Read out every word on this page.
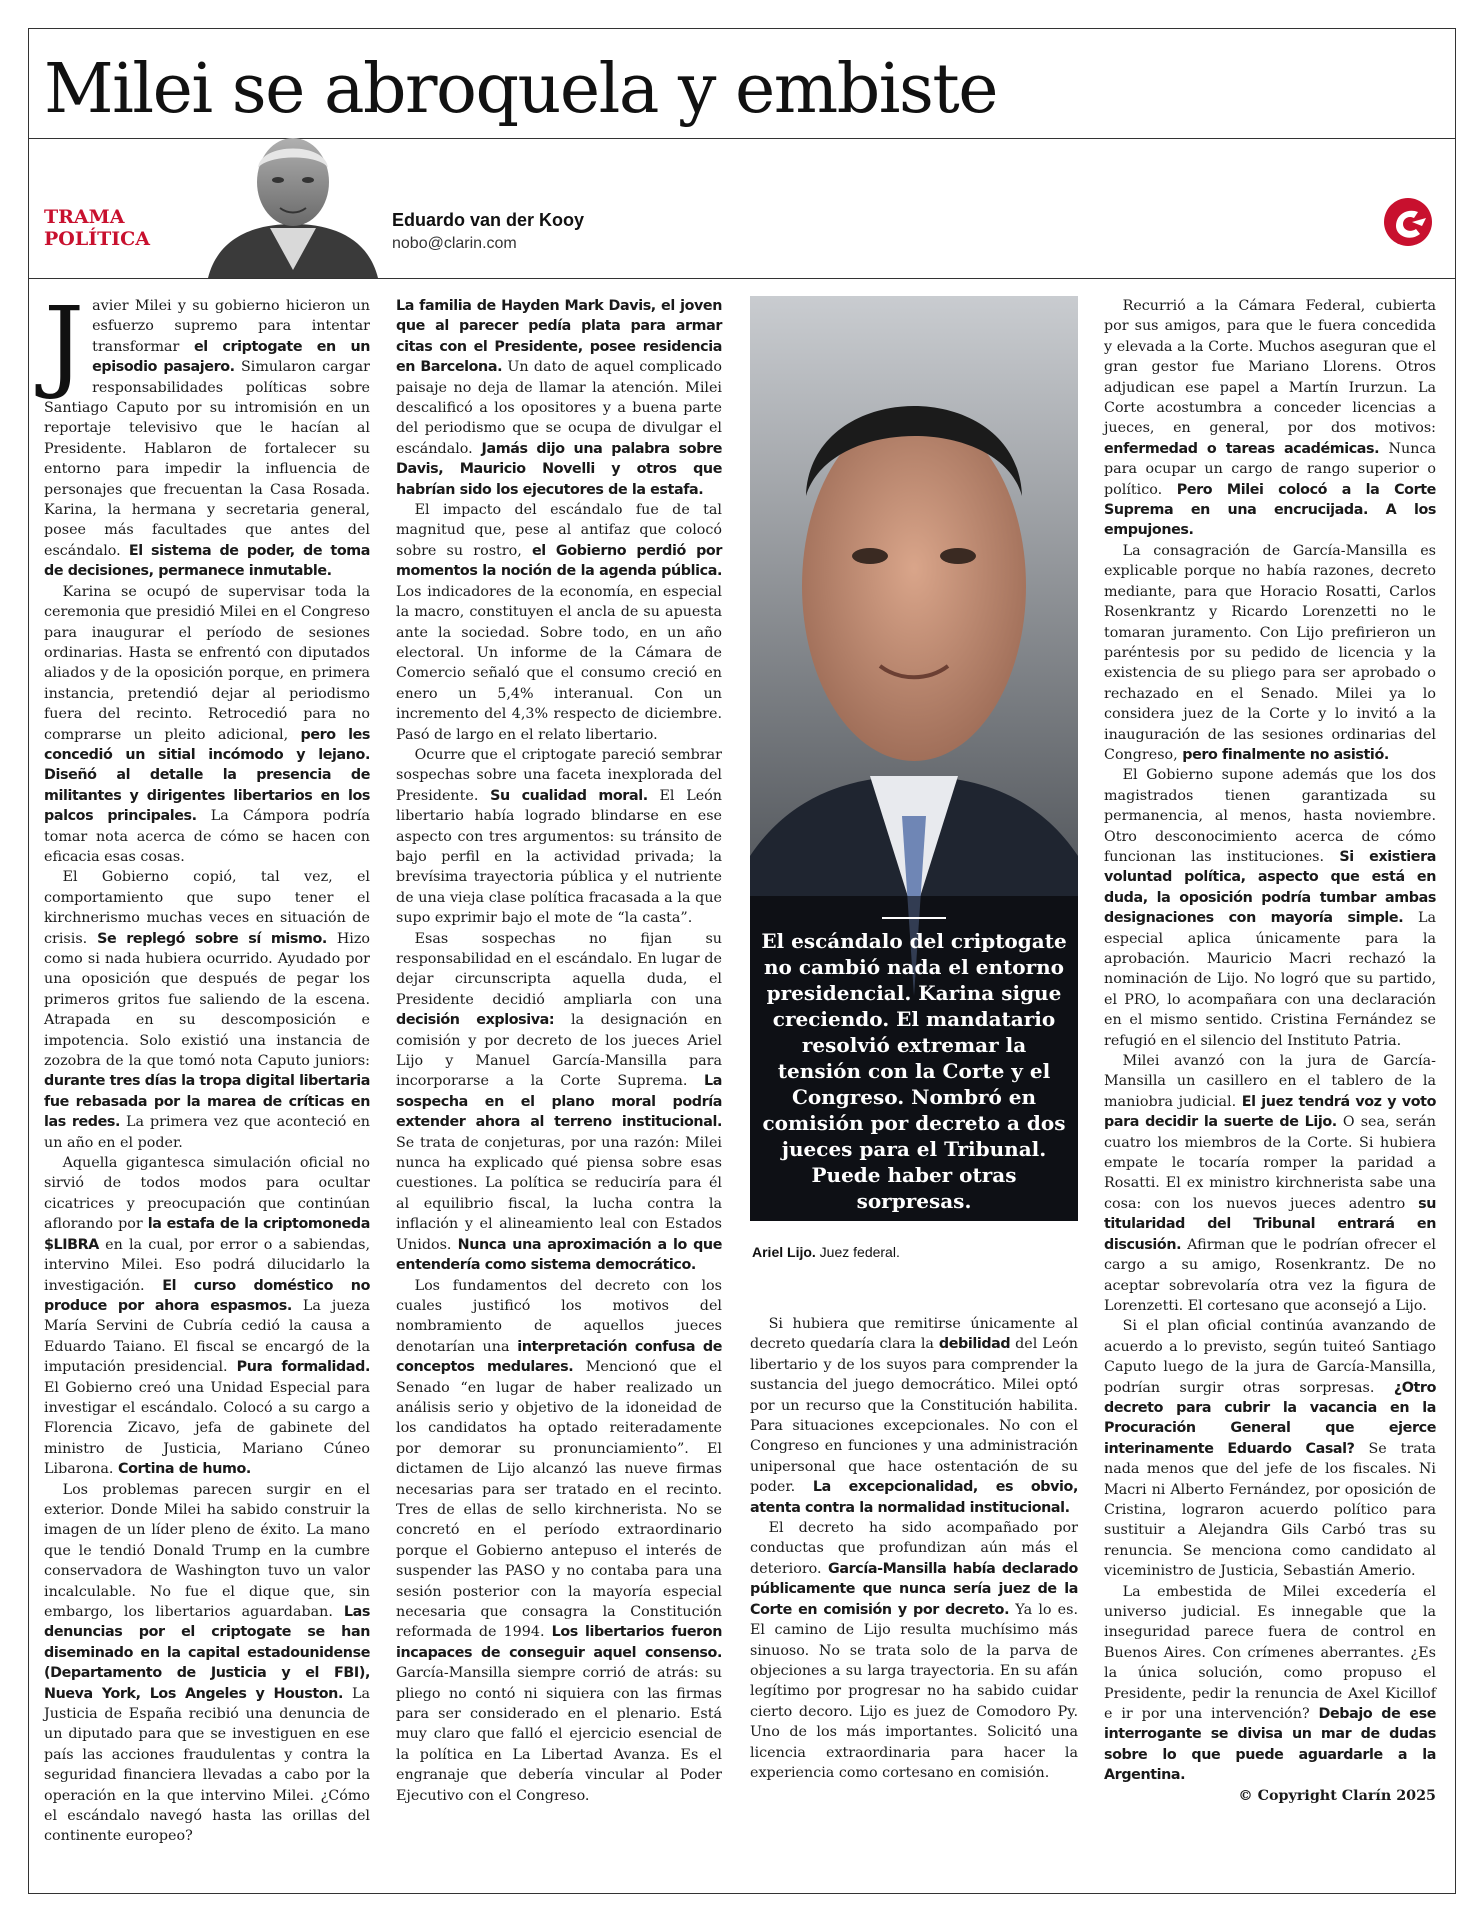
Milei se abroquela y embiste
TRAMA
POLÍTICA
Eduardo van der Kooy
nobo@clarin.com

Javier Milei y su gobierno hicieron un esfuerzo supremo para intentar transformar el criptogate en un episodio pasajero. Simularon cargar responsabilidades políticas sobre Santiago Caputo por su intromisión en un reportaje televisivo que le hacían al Presidente. Hablaron de fortalecer su entorno para impedir la influencia de personajes que frecuentan la Casa Rosada. Karina, la hermana y secretaria general, posee más facultades que antes del escándalo. El sistema de poder, de toma de decisiones, permanece inmutable.

Karina se ocupó de supervisar toda la ceremonia que presidió Milei en el Congreso para inaugurar el período de sesiones ordinarias. Hasta se enfrentó con diputados aliados y de la oposición porque, en primera instancia, pretendió dejar al periodismo fuera del recinto. Retrocedió para no comprarse un pleito adicional, pero les concedió un sitial incómodo y lejano. Diseñó al detalle la presencia de militantes y dirigentes libertarios en los palcos principales. La Cámpora podría tomar nota acerca de cómo se hacen con eficacia esas cosas.

El Gobierno copió, tal vez, el comportamiento que supo tener el kirchnerismo muchas veces en situación de crisis. Se replegó sobre sí mismo. Hizo como si nada hubiera ocurrido. Ayudado por una oposición que después de pegar los primeros gritos fue saliendo de la escena. Atrapada en su descomposición e impotencia. Solo existió una instancia de zozobra de la que tomó nota Caputo juniors: durante tres días la tropa digital libertaria fue rebasada por la marea de críticas en las redes. La primera vez que aconteció en un año en el poder.

Aquella gigantesca simulación oficial no sirvió de todos modos para ocultar cicatrices y preocupación que continúan aflorando por la estafa de la criptomoneda $LIBRA en la cual, por error o a sabiendas, intervino Milei. Eso podrá dilucidarlo la investigación. El curso doméstico no produce por ahora espasmos. La jueza María Servini de Cubría cedió la causa a Eduardo Taiano. El fiscal se encargó de la imputación presidencial. Pura formalidad. El Gobierno creó una Unidad Especial para investigar el escándalo. Colocó a su cargo a Florencia Zicavo, jefa de gabinete del ministro de Justicia, Mariano Cúneo Libarona. Cortina de humo.

Los problemas parecen surgir en el exterior. Donde Milei ha sabido construir la imagen de un líder pleno de éxito. La mano que le tendió Donald Trump en la cumbre conservadora de Washington tuvo un valor incalculable. No fue el dique que, sin embargo, los libertarios aguardaban. Las denuncias por el criptogate se han diseminado en la capital estadounidense (Departamento de Justicia y el FBI), Nueva York, Los Angeles y Houston. La Justicia de España recibió una denuncia de un diputado para que se investiguen en ese país las acciones fraudulentas y contra la seguridad financiera llevadas a cabo por la operación en la que intervino Milei. ¿Cómo el escándalo navegó hasta las orillas del continente europeo?

La familia de Hayden Mark Davis, el joven que al parecer pedía plata para armar citas con el Presidente, posee residencia en Barcelona. Un dato de aquel complicado paisaje no deja de llamar la atención. Milei descalificó a los opositores y a buena parte del periodismo que se ocupa de divulgar el escándalo. Jamás dijo una palabra sobre Davis, Mauricio Novelli y otros que habrían sido los ejecutores de la estafa.

El impacto del escándalo fue de tal magnitud que, pese al antifaz que colocó sobre su rostro, el Gobierno perdió por momentos la noción de la agenda pública. Los indicadores de la economía, en especial la macro, constituyen el ancla de su apuesta ante la sociedad. Sobre todo, en un año electoral. Un informe de la Cámara de Comercio señaló que el consumo creció en enero un 5,4% interanual. Con un incremento del 4,3% respecto de diciembre. Pasó de largo en el relato libertario.

Ocurre que el criptogate pareció sembrar sospechas sobre una faceta inexplorada del Presidente. Su cualidad moral. El León libertario había logrado blindarse en ese aspecto con tres argumentos: su tránsito de bajo perfil en la actividad privada; la brevísima trayectoria pública y el nutriente de una vieja clase política fracasada a la que supo exprimir bajo el mote de “la casta”.

Esas sospechas no fijan su responsabilidad en el escándalo. En lugar de dejar circunscripta aquella duda, el Presidente decidió ampliarla con una decisión explosiva: la designación en comisión y por decreto de los jueces Ariel Lijo y Manuel García-Mansilla para incorporarse a la Corte Suprema. La sospecha en el plano moral podría extender ahora al terreno institucional. Se trata de conjeturas, por una razón: Milei nunca ha explicado qué piensa sobre esas cuestiones. La política se reduciría para él al equilibrio fiscal, la lucha contra la inflación y el alineamiento leal con Estados Unidos. Nunca una aproximación a lo que entendería como sistema democrático.

Los fundamentos del decreto con los cuales justificó los motivos del nombramiento de aquellos jueces denotarían una interpretación confusa de conceptos medulares. Mencionó que el Senado “en lugar de haber realizado un análisis serio y objetivo de la idoneidad de los candidatos ha optado reiteradamente por demorar su pronunciamiento”. El dictamen de Lijo alcanzó las nueve firmas necesarias para ser tratado en el recinto. Tres de ellas de sello kirchnerista. No se concretó en el período extraordinario porque el Gobierno antepuso el interés de suspender las PASO y no contaba para una sesión posterior con la mayoría especial necesaria que consagra la Constitución reformada de 1994. Los libertarios fueron incapaces de conseguir aquel consenso. García-Mansilla siempre corrió de atrás: su pliego no contó ni siquiera con las firmas para ser considerado en el plenario. Está muy claro que falló el ejercicio esencial de la política en La Libertad Avanza. Es el engranaje que debería vincular al Poder Ejecutivo con el Congreso.

El escándalo del criptogate no cambió nada el entorno presidencial. Karina sigue creciendo. El mandatario resolvió extremar la tensión con la Corte y el Congreso. Nombró en comisión por decreto a dos jueces para el Tribunal. Puede haber otras sorpresas.
Ariel Lijo. Juez federal.

Si hubiera que remitirse únicamente al decreto quedaría clara la debilidad del León libertario y de los suyos para comprender la sustancia del juego democrático. Milei optó por un recurso que la Constitución habilita. Para situaciones excepcionales. No con el Congreso en funciones y una administración unipersonal que hace ostentación de su poder. La excepcionalidad, es obvio, atenta contra la normalidad institucional.

El decreto ha sido acompañado por conductas que profundizan aún más el deterioro. García-Mansilla había declarado públicamente que nunca sería juez de la Corte en comisión y por decreto. Ya lo es. El camino de Lijo resulta muchísimo más sinuoso. No se trata solo de la parva de objeciones a su larga trayectoria. En su afán legítimo por progresar no ha sabido cuidar cierto decoro. Lijo es juez de Comodoro Py. Uno de los más importantes. Solicitó una licencia extraordinaria para hacer la experiencia como cortesano en comisión.

Recurrió a la Cámara Federal, cubierta por sus amigos, para que le fuera concedida y elevada a la Corte. Muchos aseguran que el gran gestor fue Mariano Llorens. Otros adjudican ese papel a Martín Irurzun. La Corte acostumbra a conceder licencias a jueces, en general, por dos motivos: enfermedad o tareas académicas. Nunca para ocupar un cargo de rango superior o político. Pero Milei colocó a la Corte Suprema en una encrucijada. A los empujones.

La consagración de García-Mansilla es explicable porque no había razones, decreto mediante, para que Horacio Rosatti, Carlos Rosenkrantz y Ricardo Lorenzetti no le tomaran juramento. Con Lijo prefirieron un paréntesis por su pedido de licencia y la existencia de su pliego para ser aprobado o rechazado en el Senado. Milei ya lo considera juez de la Corte y lo invitó a la inauguración de las sesiones ordinarias del Congreso, pero finalmente no asistió.

El Gobierno supone además que los dos magistrados tienen garantizada su permanencia, al menos, hasta noviembre. Otro desconocimiento acerca de cómo funcionan las instituciones. Si existiera voluntad política, aspecto que está en duda, la oposición podría tumbar ambas designaciones con mayoría simple. La especial aplica únicamente para la aprobación. Mauricio Macri rechazó la nominación de Lijo. No logró que su partido, el PRO, lo acompañara con una declaración en el mismo sentido. Cristina Fernández se refugió en el silencio del Instituto Patria.

Milei avanzó con la jura de García-Mansilla un casillero en el tablero de la maniobra judicial. El juez tendrá voz y voto para decidir la suerte de Lijo. O sea, serán cuatro los miembros de la Corte. Si hubiera empate le tocaría romper la paridad a Rosatti. El ex ministro kirchnerista sabe una cosa: con los nuevos jueces adentro su titularidad del Tribunal entrará en discusión. Afirman que le podrían ofrecer el cargo a su amigo, Rosenkrantz. De no aceptar sobrevolaría otra vez la figura de Lorenzetti. El cortesano que aconsejó a Lijo.

Si el plan oficial continúa avanzando de acuerdo a lo previsto, según tuiteó Santiago Caputo luego de la jura de García-Mansilla, podrían surgir otras sorpresas. ¿Otro decreto para cubrir la vacancia en la Procuración General que ejerce interinamente Eduardo Casal? Se trata nada menos que del jefe de los fiscales. Ni Macri ni Alberto Fernández, por oposición de Cristina, lograron acuerdo político para sustituir a Alejandra Gils Carbó tras su renuncia. Se menciona como candidato al viceministro de Justicia, Sebastián Amerio.

La embestida de Milei excedería el universo judicial. Es innegable que la inseguridad parece fuera de control en Buenos Aires. Con crímenes aberrantes. ¿Es la única solución, como propuso el Presidente, pedir la renuncia de Axel Kicillof e ir por una intervención? Debajo de ese interrogante se divisa un mar de dudas sobre lo que puede aguardarle a la Argentina.

© Copyright Clarín 2025
